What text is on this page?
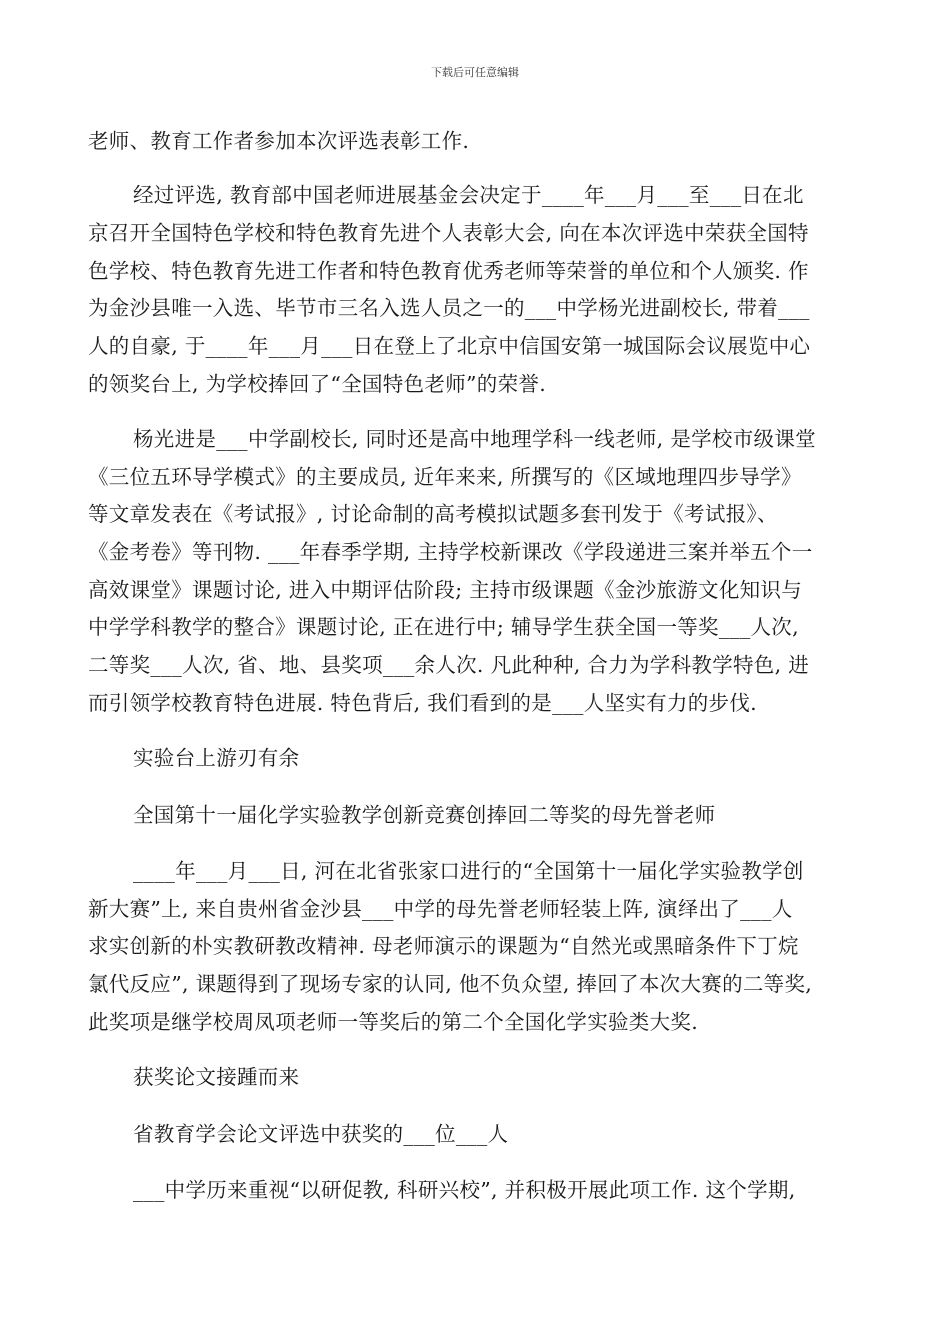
下载后可任意编辑
老师、教育工作者参加本次评选表彰工作.
经过评选, 教育部中国老师进展基金会决定于____年___月___至___日在北
京召开全国特色学校和特色教育先进个人表彰大会, 向在本次评选中荣获全国特
色学校、特色教育先进工作者和特色教育优秀老师等荣誉的单位和个人颁奖. 作
为金沙县唯一入选、毕节市三名入选人员之一的___中学杨光进副校长, 带着___
人的自豪, 于____年___月___日在登上了北京中信国安第一城国际会议展览中心
的领奖台上, 为学校捧回了“全国特色老师”的荣誉.
杨光进是___中学副校长, 同时还是高中地理学科一线老师, 是学校市级课堂
《三位五环导学模式》的主要成员, 近年来来, 所撰写的《区域地理四步导学》
等文章发表在《考试报》, 讨论命制的高考模拟试题多套刊发于《考试报》、
《金考卷》等刊物. ___年春季学期, 主持学校新课改《学段递进三案并举五个一
高效课堂》课题讨论, 进入中期评估阶段; 主持市级课题《金沙旅游文化知识与
中学学科教学的整合》课题讨论, 正在进行中; 辅导学生获全国一等奖___人次,
二等奖___人次, 省、地、县奖项___余人次. 凡此种种, 合力为学科教学特色, 进
而引领学校教育特色进展. 特色背后, 我们看到的是___人坚实有力的步伐.
实验台上游刃有余
全国第十一届化学实验教学创新竞赛创捧回二等奖的母先誉老师
____年___月___日, 河在北省张家口进行的“全国第十一届化学实验教学创
新大赛”上, 来自贵州省金沙县___中学的母先誉老师轻装上阵, 演绎出了___人
求实创新的朴实教研教改精神. 母老师演示的课题为“自然光或黑暗条件下丁烷
氯代反应”, 课题得到了现场专家的认同, 他不负众望, 捧回了本次大赛的二等奖,
此奖项是继学校周凤项老师一等奖后的第二个全国化学实验类大奖.
获奖论文接踵而来
省教育学会论文评选中获奖的___位___人
___中学历来重视“以研促教, 科研兴校”, 并积极开展此项工作. 这个学期,
